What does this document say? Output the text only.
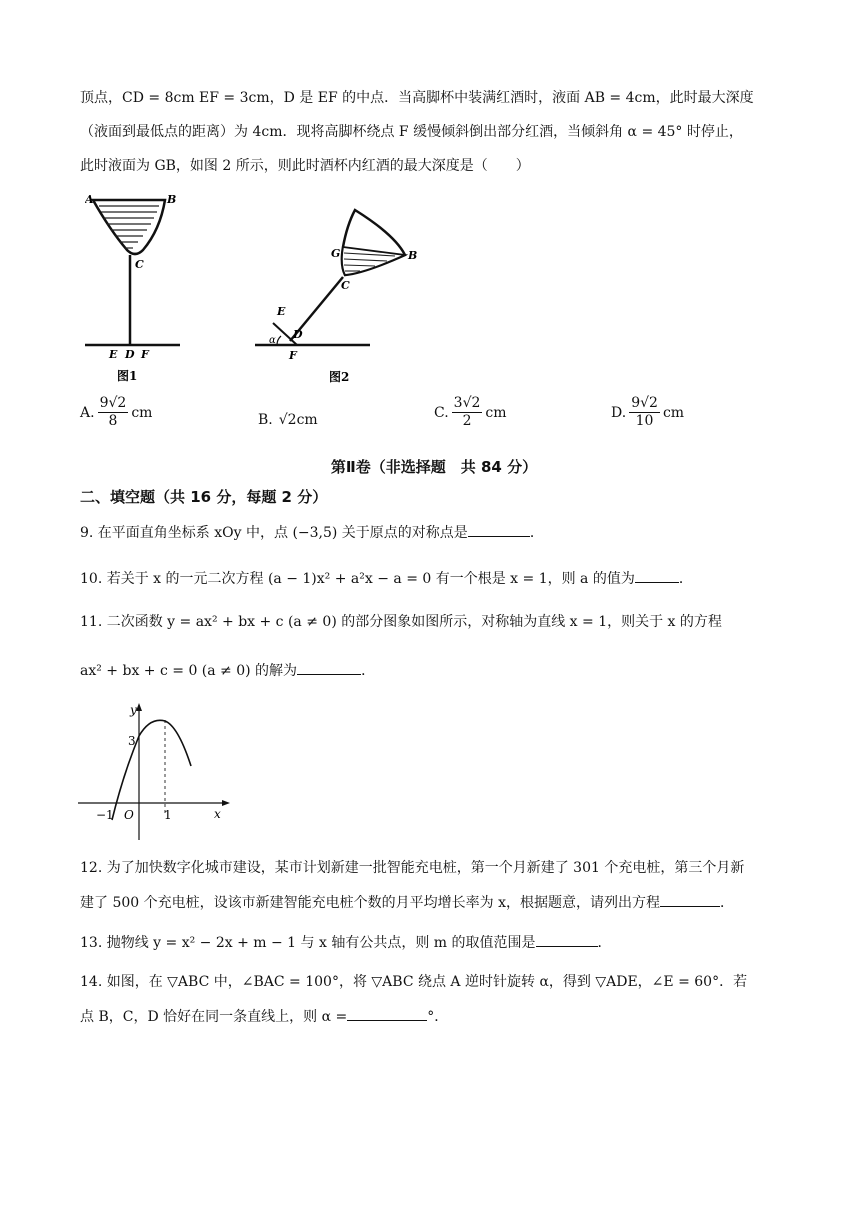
顶点，CD = 8cm EF = 3cm，D 是 EF 的中点．当高脚杯中装满红酒时，液面 AB = 4cm，此时最大深度
（液面到最低点的距离）为 4cm．现将高脚杯绕点 F 缓慢倾斜倒出部分红酒，当倾斜角 α = 45° 时停止，
此时液面为 GB，如图 2 所示，则此时酒杯内红酒的最大深度是（　　）
A	B
C
E D F
图1
G	B
C
E
D
α
F
图2
A. $\frac{9√2}{8}$ cm	B. √2cm	C. $\frac{3√2}{2}$ cm	D. $\frac{9√2}{10}$ cm
第Ⅱ卷（非选择题　共 84 分）
二、填空题（共 16 分，每题 2 分）
9. 在平面直角坐标系 xOy 中，点 (−3,5) 关于原点的对称点是	．
10. 若关于 x 的一元二次方程 (a − 1)x² + a²x − a = 0 有一个根是 x = 1，则 a 的值为	．
11. 二次函数 y = ax² + bx + c (a ≠ 0) 的部分图象如图所示，对称轴为直线 x = 1，则关于 x 的方程
ax² + bx + c = 0 (a ≠ 0) 的解为	．
y
x
3
−1 O	1
12. 为了加快数字化城市建设，某市计划新建一批智能充电桩，第一个月新建了 301 个充电桩，第三个月新
建了 500 个充电桩，设该市新建智能充电桩个数的月平均增长率为 x，根据题意，请列出方程	．
13. 抛物线 y = x² − 2x + m − 1 与 x 轴有公共点，则 m 的取值范围是	．
14. 如图，在 ▽ABC 中，∠BAC = 100°，将 ▽ABC 绕点 A 逆时针旋转 α，得到 ▽ADE，∠E = 60°．若
点 B，C，D 恰好在同一条直线上，则 α =	°．
